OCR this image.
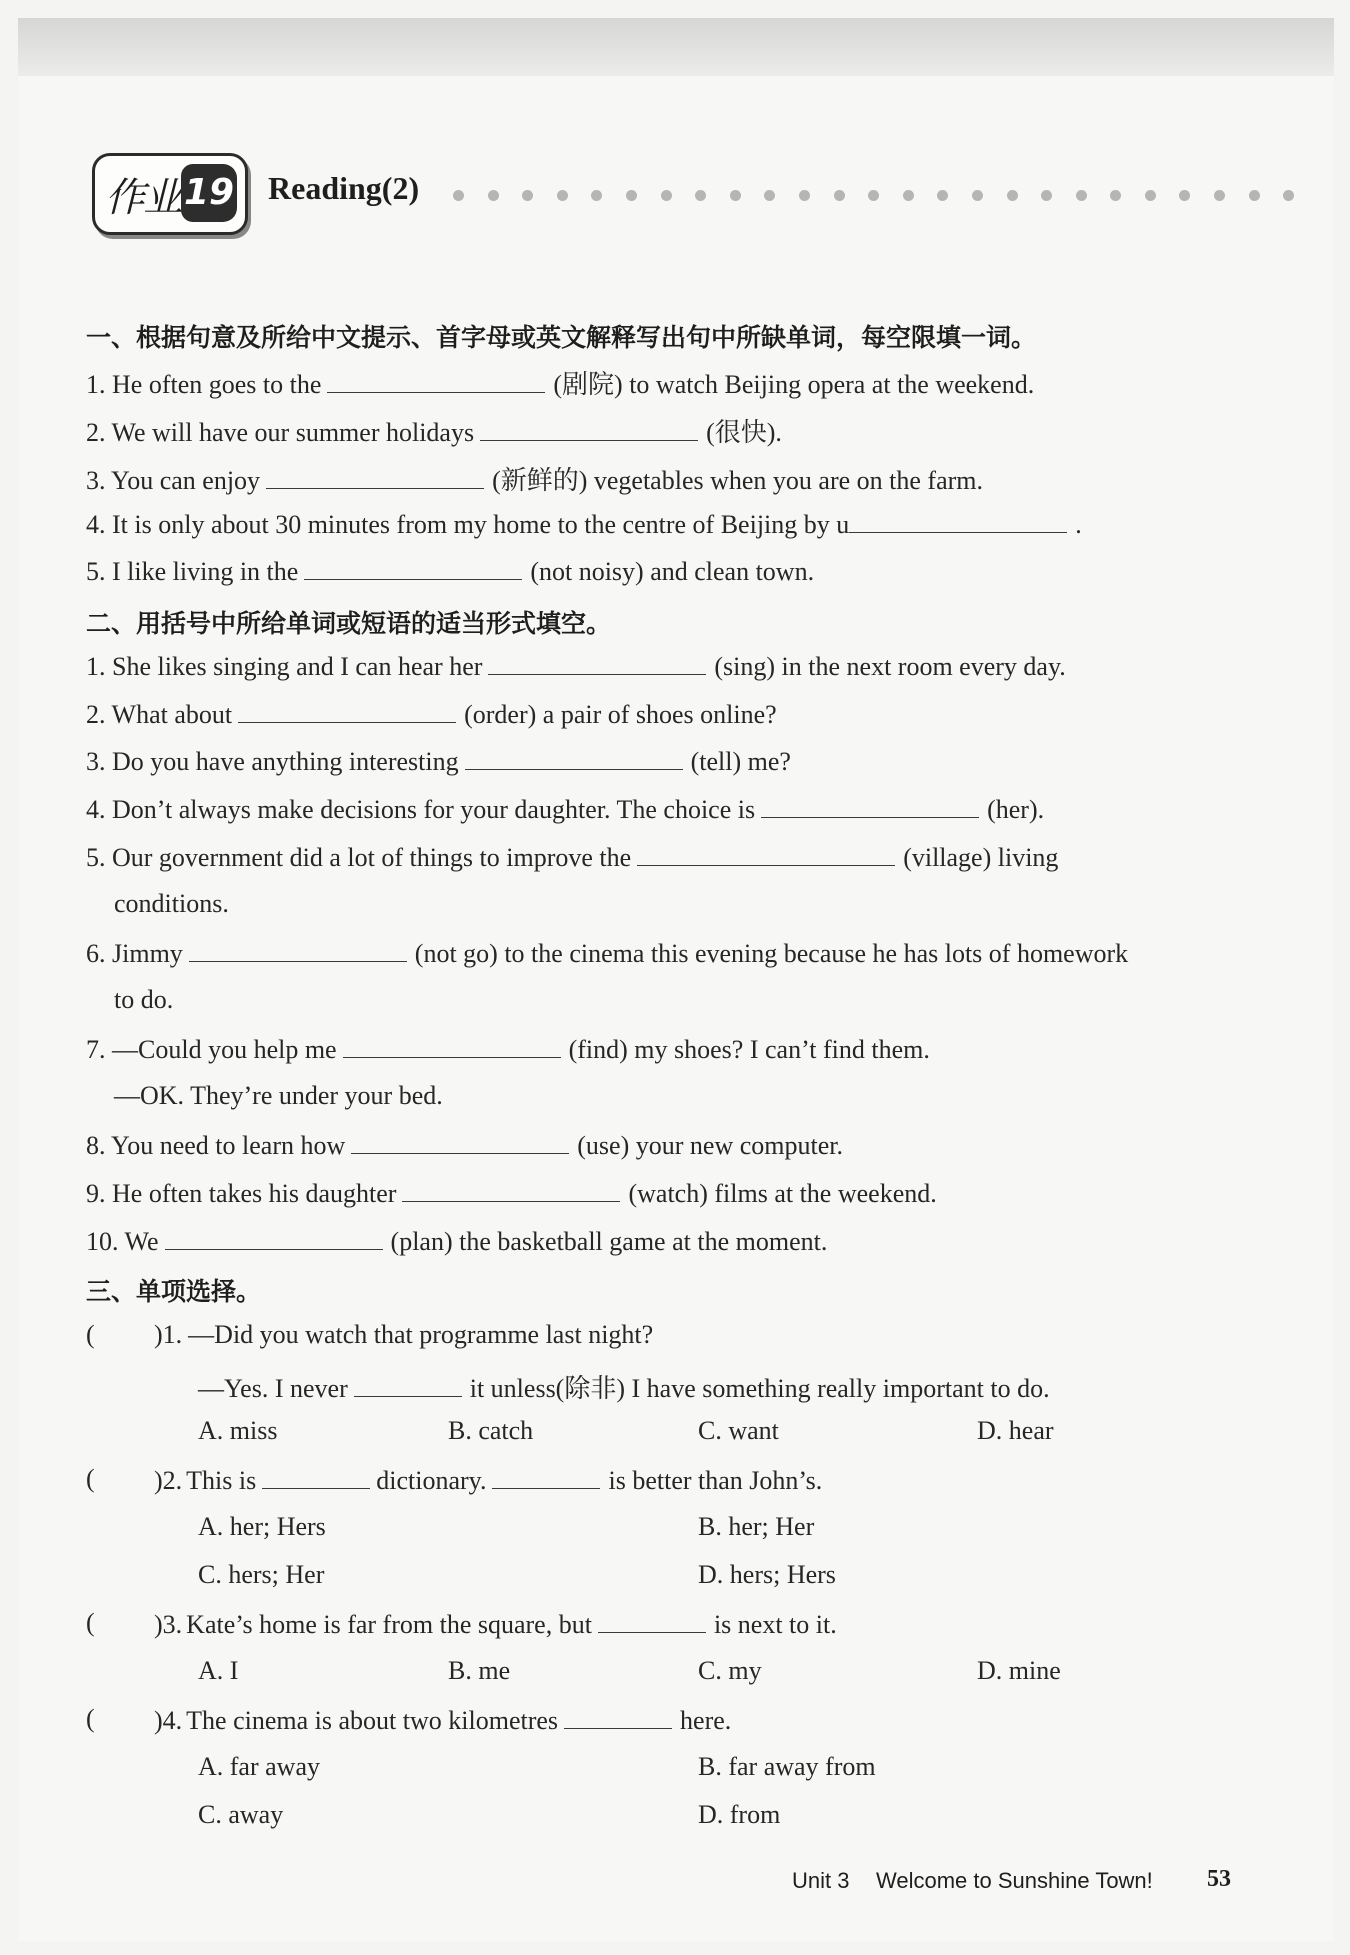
作业 19 Reading(2)
一、根据句意及所给中文提示、首字母或英文解释写出句中所缺单词，每空限填一词。
1. He often goes to the	(剧院) to watch Beijing opera at the weekend.
2. We will have our summer holidays	(很快).
3. You can enjoy	(新鲜的) vegetables when you are on the farm.
4. It is only about 30 minutes from my home to the centre of Beijing by u	.
5. I like living in the	(not noisy) and clean town.
二、用括号中所给单词或短语的适当形式填空。
1. She likes singing and I can hear her	(sing) in the next room every day.
2. What about	(order) a pair of shoes online?
3. Do you have anything interesting	(tell) me?
4. Don’t always make decisions for your daughter. The choice is	(her).
5. Our government did a lot of things to improve the	(village) living
conditions.
6. Jimmy	(not go) to the cinema this evening because he has lots of homework
to do.
7. —Could you help me	(find) my shoes? I can’t find them.
—OK. They’re under your bed.
8. You need to learn how	(use) your new computer.
9. He often takes his daughter	(watch) films at the weekend.
10. We	(plan) the basketball game at the moment.
三、单项选择。
(	)1. —Did you watch that programme last night?
—Yes. I never	it unless(除非) I have something really important to do.
A. miss	B. catch	C. want	D. hear
(	)2. This is	dictionary.	is better than John’s.
A. her; Hers	B. her; Her
C. hers; Her	D. hers; Hers
(	)3. Kate’s home is far from the square, but	is next to it.
A. I	B. me	C. my	D. mine
(	)4. The cinema is about two kilometres	here.
A. far away	B. far away from
C. away	D. from
Unit 3 Welcome to Sunshine Town! 53
